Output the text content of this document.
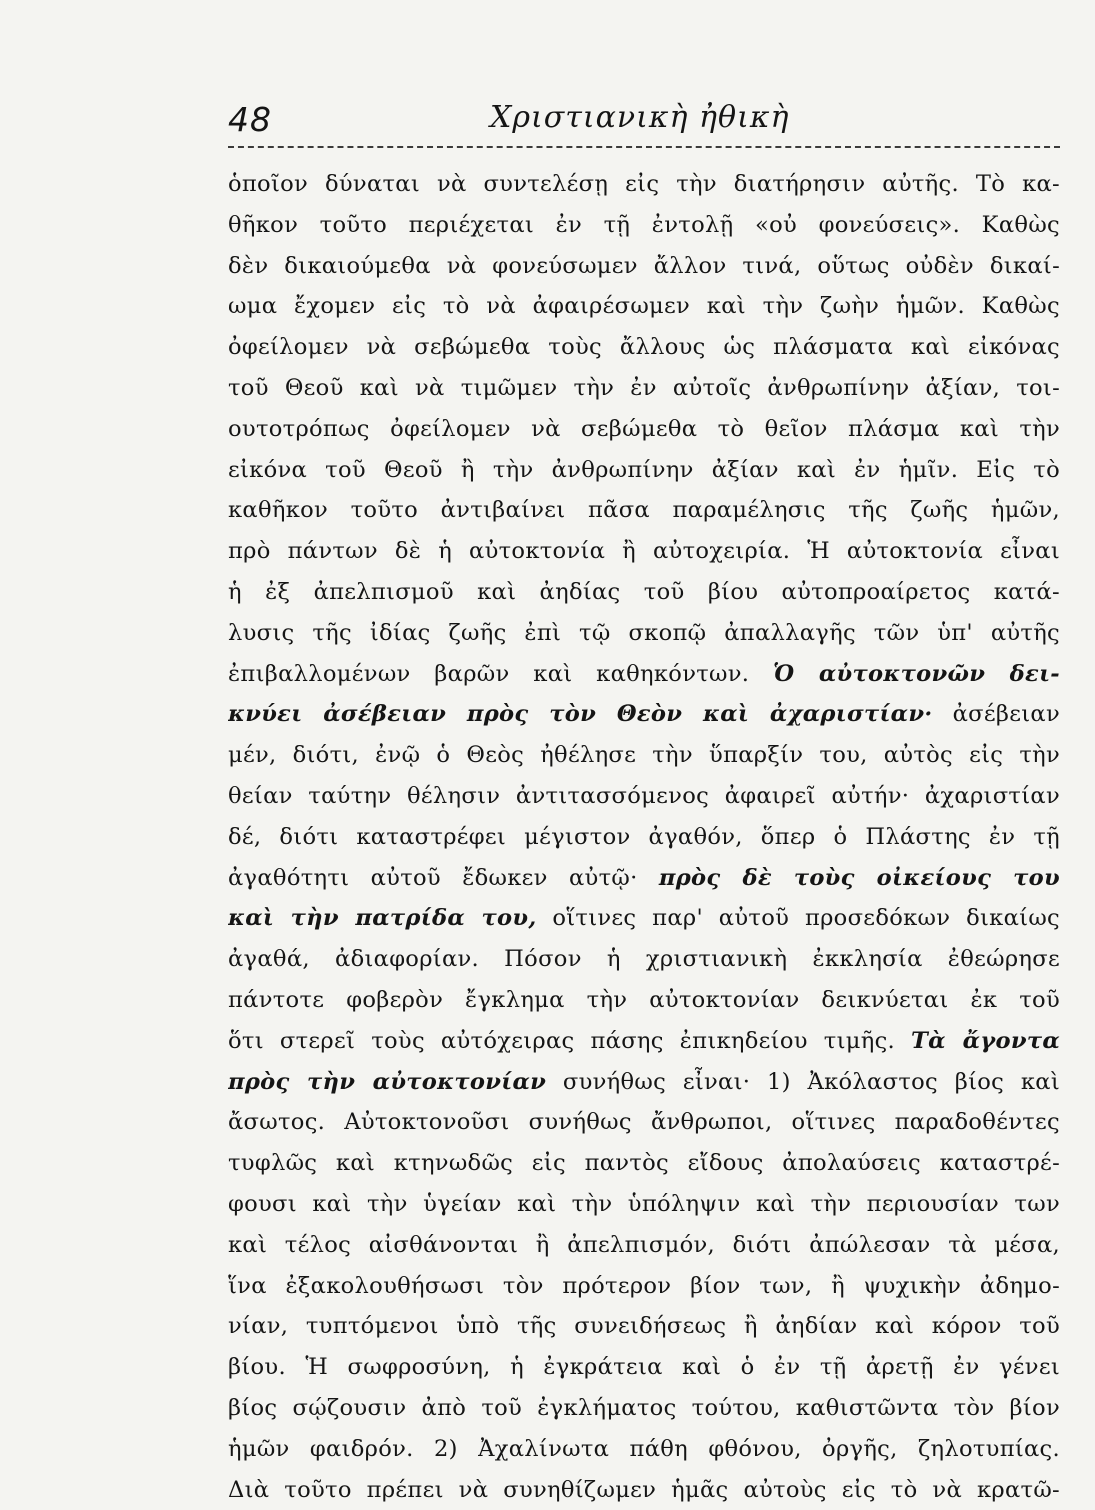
48	Χριστιανικὴ ἠθικὴ
ὁποῖον δύναται νὰ συντελέσῃ εἰς τὴν διατήρησιν αὐτῆς. Τὸ κα-
θῆκον τοῦτο περιέχεται ἐν τῇ ἐντολῇ «οὐ φονεύσεις». Καθὼς
δὲν δικαιούμεθα νὰ φονεύσωμεν ἄλλον τινά, οὕτως οὐδὲν δικαί-
ωμα ἔχομεν εἰς τὸ νὰ ἀφαιρέσωμεν καὶ τὴν ζωὴν ἡμῶν. Καθὼς
ὀφείλομεν νὰ σεβώμεθα τοὺς ἄλλους ὡς πλάσματα καὶ εἰκόνας
τοῦ Θεοῦ καὶ νὰ τιμῶμεν τὴν ἐν αὐτοῖς ἀνθρωπίνην ἀξίαν, τοι-
ουτοτρόπως ὀφείλομεν νὰ σεβώμεθα τὸ θεῖον πλάσμα καὶ τὴν
εἰκόνα τοῦ Θεοῦ ἢ τὴν ἀνθρωπίνην ἀξίαν καὶ ἐν ἡμῖν. Εἰς τὸ
καθῆκον τοῦτο ἀντιβαίνει πᾶσα παραμέλησις τῆς ζωῆς ἡμῶν,
πρὸ πάντων δὲ ἡ αὐτοκτονία ἢ αὐτοχειρία. Ἡ αὐτοκτονία εἶναι
ἡ ἐξ ἀπελπισμοῦ καὶ ἀηδίας τοῦ βίου αὐτοπροαίρετος κατά-
λυσις τῆς ἰδίας ζωῆς ἐπὶ τῷ σκοπῷ ἀπαλλαγῆς τῶν ὑπ' αὐτῆς
ἐπιβαλλομένων βαρῶν καὶ καθηκόντων. Ὁ αὐτοκτονῶν δει-
κνύει ἀσέβειαν πρὸς τὸν Θεὸν καὶ ἀχαριστίαν· ἀσέβειαν
μέν, διότι, ἐνῷ ὁ Θεὸς ἠθέλησε τὴν ὕπαρξίν του, αὐτὸς εἰς τὴν
θείαν ταύτην θέλησιν ἀντιτασσόμενος ἀφαιρεῖ αὐτήν· ἀχαριστίαν
δέ, διότι καταστρέφει μέγιστον ἀγαθόν, ὅπερ ὁ Πλάστης ἐν τῇ
ἀγαθότητι αὐτοῦ ἔδωκεν αὐτῷ· πρὸς δὲ τοὺς οἰκείους του
καὶ τὴν πατρίδα του, οἵτινες παρ' αὐτοῦ προσεδόκων δικαίως
ἀγαθά, ἀδιαφορίαν. Πόσον ἡ χριστιανικὴ ἐκκλησία ἐθεώρησε
πάντοτε φοβερὸν ἔγκλημα τὴν αὐτοκτονίαν δεικνύεται ἐκ τοῦ
ὅτι στερεῖ τοὺς αὐτόχειρας πάσης ἐπικηδείου τιμῆς. Τὰ ἄγοντα
πρὸς τὴν αὐτοκτονίαν συνήθως εἶναι· 1) Ἀκόλαστος βίος καὶ
ἄσωτος. Αὐτοκτονοῦσι συνήθως ἄνθρωποι, οἵτινες παραδοθέντες
τυφλῶς καὶ κτηνωδῶς εἰς παντὸς εἴδους ἀπολαύσεις καταστρέ-
φουσι καὶ τὴν ὑγείαν καὶ τὴν ὑπόληψιν καὶ τὴν περιουσίαν των
καὶ τέλος αἰσθάνονται ἢ ἀπελπισμόν, διότι ἀπώλεσαν τὰ μέσα,
ἵνα ἐξακολουθήσωσι τὸν πρότερον βίον των, ἢ ψυχικὴν ἀδημο-
νίαν, τυπτόμενοι ὑπὸ τῆς συνειδήσεως ἢ ἀηδίαν καὶ κόρον τοῦ
βίου. Ἡ σωφροσύνη, ἡ ἐγκράτεια καὶ ὁ ἐν τῇ ἀρετῇ ἐν γένει
βίος σῴζουσιν ἀπὸ τοῦ ἐγκλήματος τούτου, καθιστῶντα τὸν βίον
ἡμῶν φαιδρόν. 2) Ἀχαλίνωτα πάθη φθόνου, ὀργῆς, ζηλοτυπίας.
Διὰ τοῦτο πρέπει νὰ συνηθίζωμεν ἡμᾶς αὐτοὺς εἰς τὸ νὰ κρατῶ-
